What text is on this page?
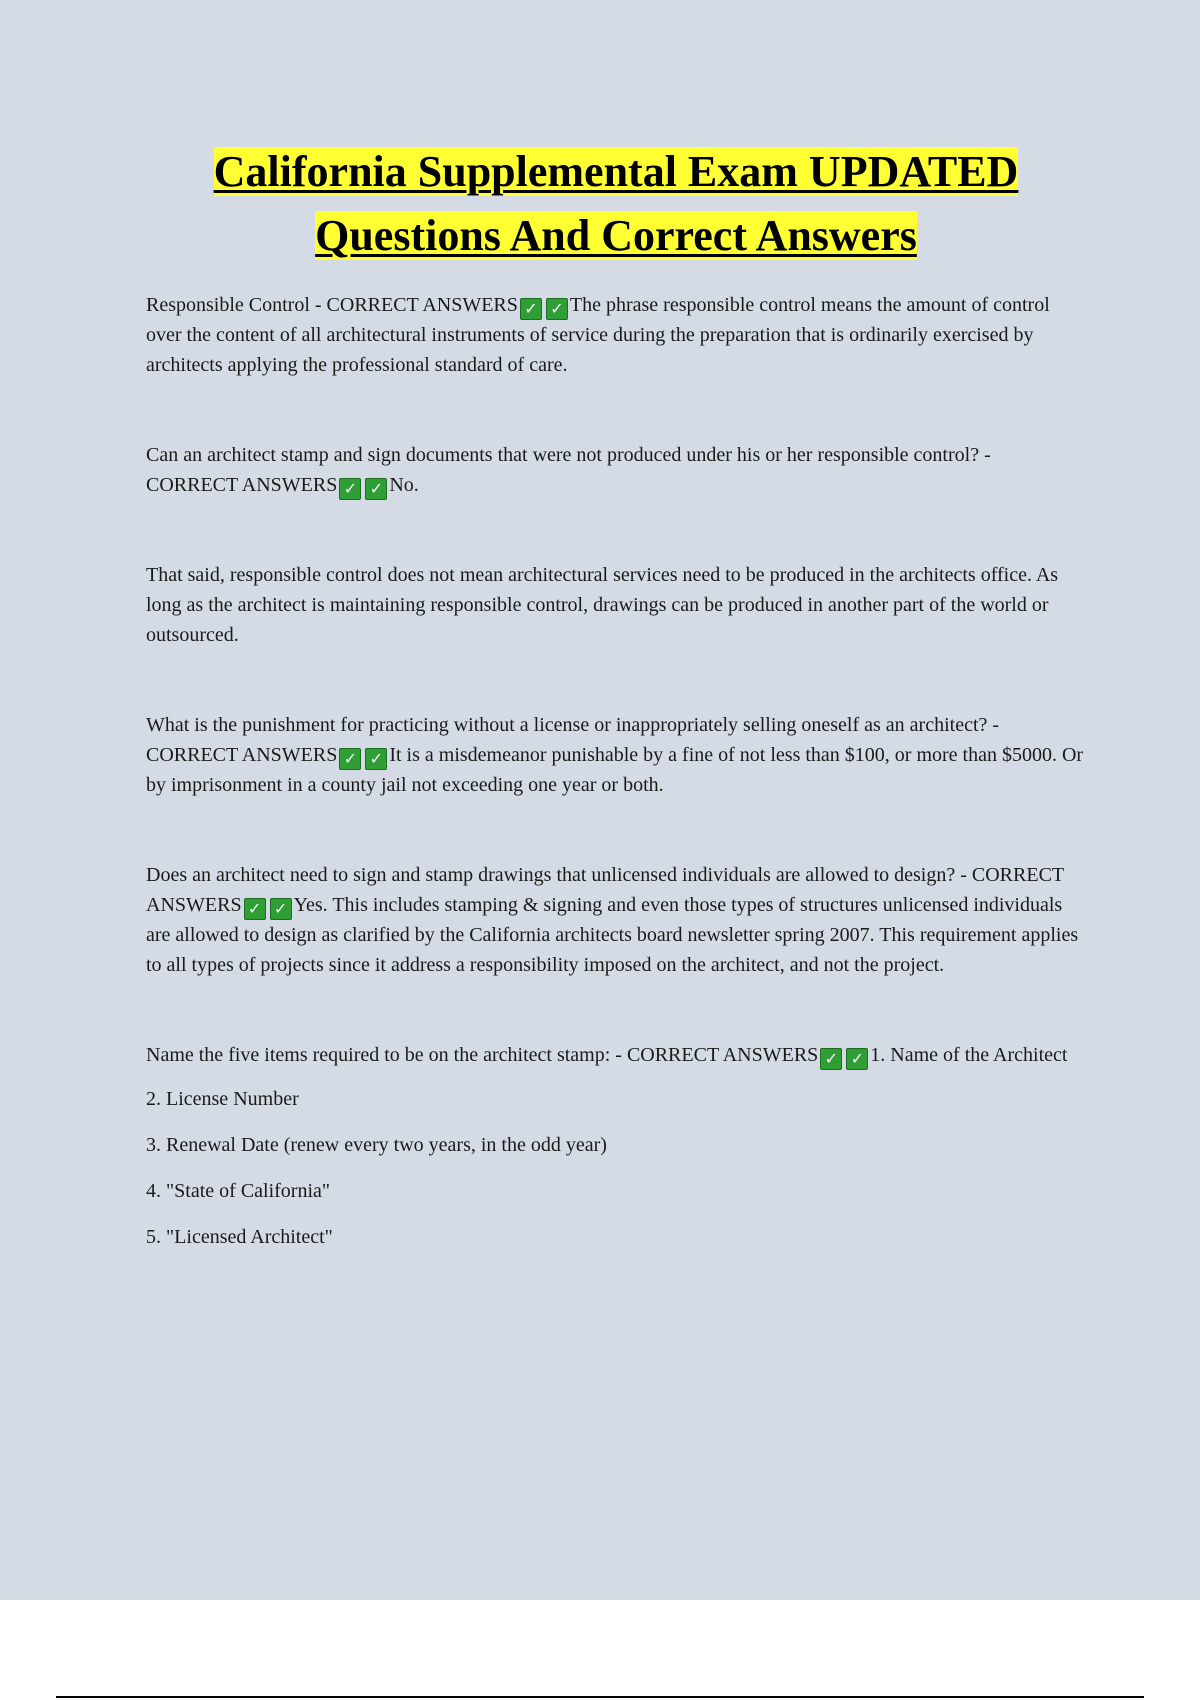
California Supplemental Exam UPDATED
Questions And Correct Answers

Responsible Control - CORRECT ANSWERS ✓ ✓ The phrase responsible control means the amount of control over the content of all architectural instruments of service during the preparation that is ordinarily exercised by architects applying the professional standard of care.

Can an architect stamp and sign documents that were not produced under his or her responsible control? - CORRECT ANSWERS ✓ ✓ No.

That said, responsible control does not mean architectural services need to be produced in the architects office. As long as the architect is maintaining responsible control, drawings can be produced in another part of the world or outsourced.

What is the punishment for practicing without a license or inappropriately selling oneself as an architect? - CORRECT ANSWERS ✓ ✓ It is a misdemeanor punishable by a fine of not less than $100, or more than $5000. Or by imprisonment in a county jail not exceeding one year or both.

Does an architect need to sign and stamp drawings that unlicensed individuals are allowed to design? - CORRECT ANSWERS ✓ ✓ Yes. This includes stamping & signing and even those types of structures unlicensed individuals are allowed to design as clarified by the California architects board newsletter spring 2007. This requirement applies to all types of projects since it address a responsibility imposed on the architect, and not the project.

Name the five items required to be on the architect stamp: - CORRECT ANSWERS ✓ ✓ 1. Name of the Architect

2. License Number

3. Renewal Date (renew every two years, in the odd year)

4. "State of California"

5. "Licensed Architect"
